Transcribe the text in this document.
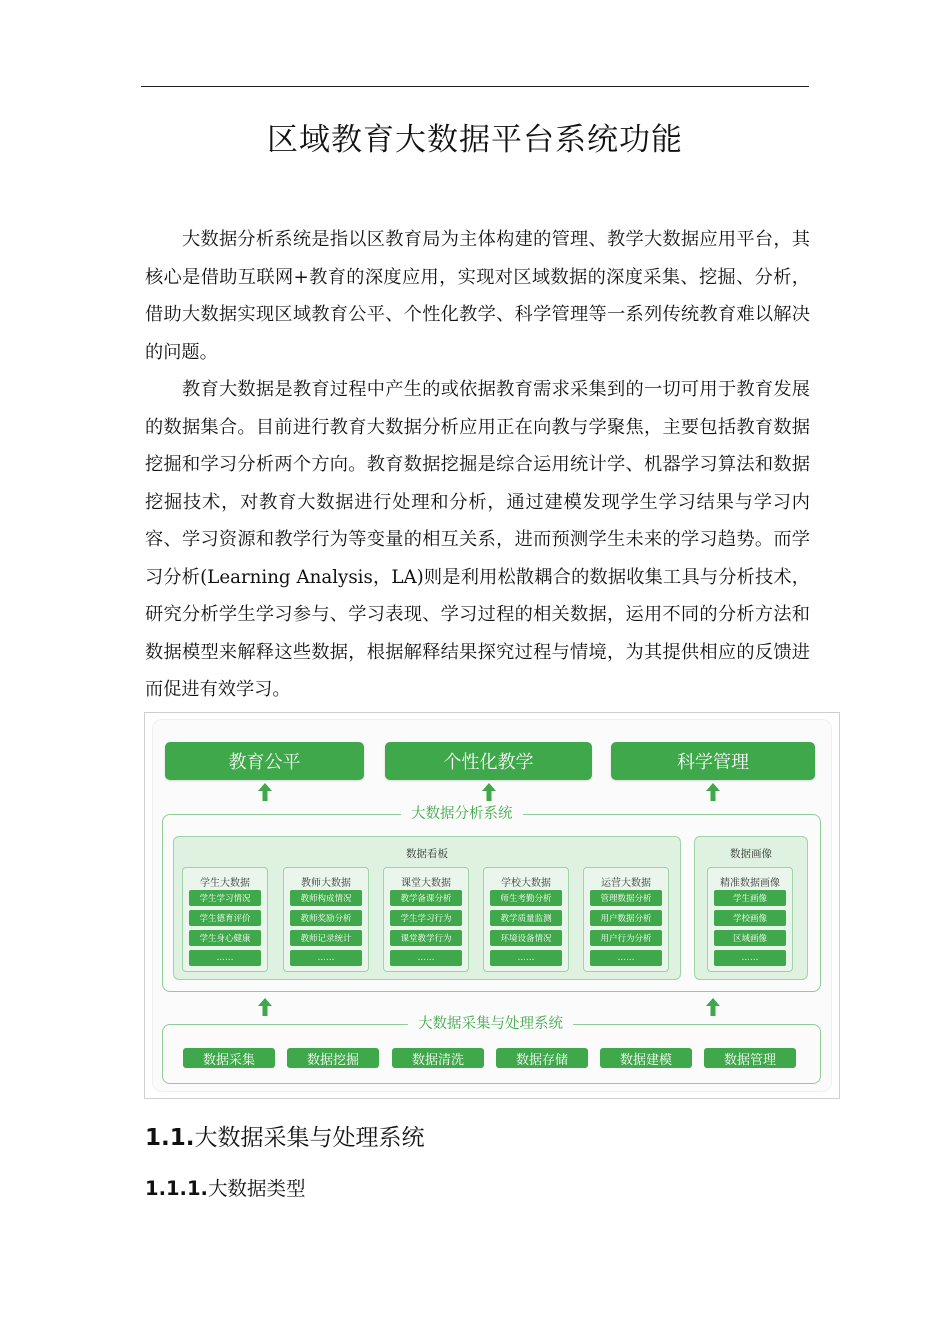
区域教育大数据平台系统功能

大数据分析系统是指以区教育局为主体构建的管理、教学大数据应用平台，其核心是借助互联网+教育的深度应用，实现对区域数据的深度采集、挖掘、分析，借助大数据实现区域教育公平、个性化教学、科学管理等一系列传统教育难以解决的问题。

教育大数据是教育过程中产生的或依据教育需求采集到的一切可用于教育发展的数据集合。目前进行教育大数据分析应用正在向教与学聚焦，主要包括教育数据挖掘和学习分析两个方向。教育数据挖掘是综合运用统计学、机器学习算法和数据挖掘技术，对教育大数据进行处理和分析，通过建模发现学生学习结果与学习内容、学习资源和教学行为等变量的相互关系，进而预测学生未来的学习趋势。而学习分析(Learning Analysis，LA)则是利用松散耦合的数据收集工具与分析技术，研究分析学生学习参与、学习表现、学习过程的相关数据，运用不同的分析方法和数据模型来解释这些数据，根据解释结果探究过程与情境，为其提供相应的反馈进而促进有效学习。

教育公平	个性化教学	科学管理
大数据分析系统
数据看板
学生大数据
学生学习情况
学生德育评价
学生身心健康
……
教师大数据
教师构成情况
教师奖励分析
教师记录统计
……
课堂大数据
教学备课分析
学生学习行为
课堂教学行为
……
学校大数据
师生考勤分析
教学质量监测
环境设备情况
……
运营大数据
管理数据分析
用户数据分析
用户行为分析
……
数据画像
精准数据画像
学生画像
学校画像
区域画像
……
大数据采集与处理系统
数据采集	数据挖掘	数据清洗	数据存储	数据建模	数据管理
1.1.大数据采集与处理系统
1.1.1.大数据类型
